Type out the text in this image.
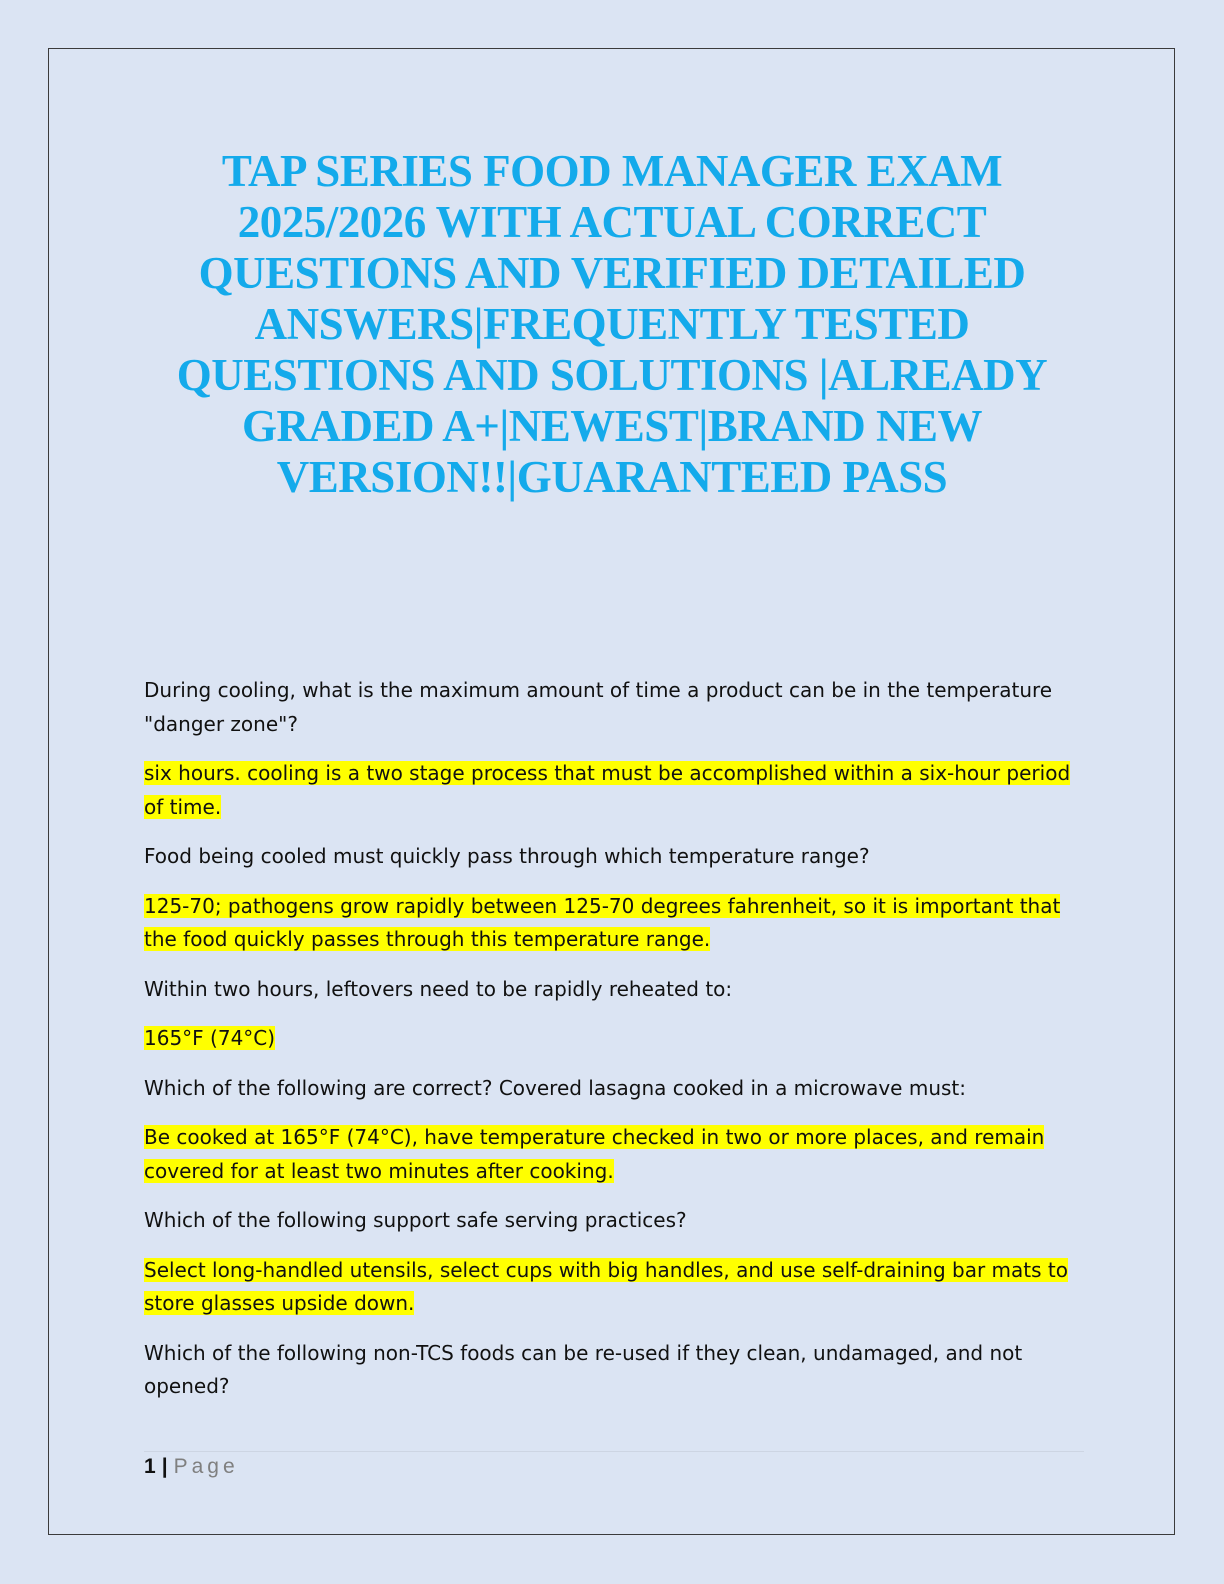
TAP SERIES FOOD MANAGER EXAM 2025/2026 WITH ACTUAL CORRECT QUESTIONS AND VERIFIED DETAILED ANSWERS|FREQUENTLY TESTED QUESTIONS AND SOLUTIONS |ALREADY GRADED A+|NEWEST|BRAND NEW VERSION!!|GUARANTEED PASS

During cooling, what is the maximum amount of time a product can be in the temperature "danger zone"?

six hours. cooling is a two stage process that must be accomplished within a six-hour period of time.

Food being cooled must quickly pass through which temperature range?

125-70; pathogens grow rapidly between 125-70 degrees fahrenheit, so it is important that the food quickly passes through this temperature range.

Within two hours, leftovers need to be rapidly reheated to:

165°F (74°C)

Which of the following are correct? Covered lasagna cooked in a microwave must:

Be cooked at 165°F (74°C), have temperature checked in two or more places, and remain covered for at least two minutes after cooking.

Which of the following support safe serving practices?

Select long-handled utensils, select cups with big handles, and use self-draining bar mats to store glasses upside down.

Which of the following non-TCS foods can be re-used if they clean, undamaged, and not opened?

1 | Page
